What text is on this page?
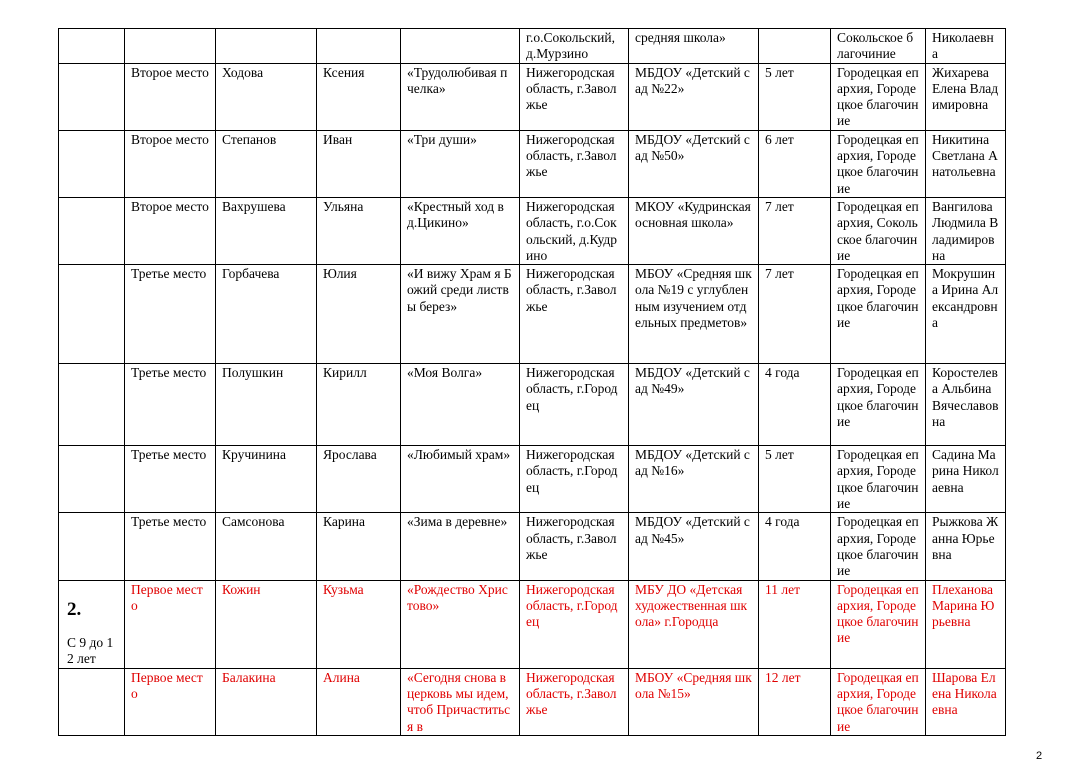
					г.о.Сокольский, д.Мурзино	средняя школа»		Сокольское благочиние	Николаевна
	Второе место	Ходова	Ксения	«Трудолюбивая пчелка»	Нижегородская область, г.Заволжье	МБДОУ «Детский сад №22»	5 лет	Городецкая епархия, Городецкое благочиние	Жихарева Елена Владимировна
	Второе место	Степанов	Иван	«Три души»	Нижегородская область, г.Заволжье	МБДОУ «Детский сад №50»	6 лет	Городецкая епархия, Городецкое благочиние	Никитина Светлана Анатольевна
	Второе место	Вахрушева	Ульяна	«Крестный ход в д.Цикино»	Нижегородская область, г.о.Сокольский, д.Кудрино	МКОУ «Кудринская основная школа»	7 лет	Городецкая епархия, Сокольское благочиние	Вангилова Людмила Владимировна
	Третье место	Горбачева	Юлия	«И вижу Храм я Божий среди листвы берез»	Нижегородская область, г.Заволжье	МБОУ «Средняя школа №19 с углубленным изучением отдельных предметов»	7 лет	Городецкая епархия, Городецкое благочиние	Мокрушина Ирина Александровна
	Третье место	Полушкин	Кирилл	«Моя Волга»	Нижегородская область, г.Городец	МБДОУ «Детский сад №49»	4 года	Городецкая епархия, Городецкое благочиние	Коростелева Альбина Вячеславовна
	Третье место	Кручинина	Ярослава	«Любимый храм»	Нижегородская область, г.Городец	МБДОУ «Детский сад №16»	5 лет	Городецкая епархия, Городецкое благочиние	Садина Марина Николаевна
	Третье место	Самсонова	Карина	«Зима в деревне»	Нижегородская область, г.Заволжье	МБДОУ «Детский сад №45»	4 года	Городецкая епархия, Городецкое благочиние	Рыжкова Жанна Юрьевна

2.

С 9 до 12 лет	Первое место	Кожин	Кузьма	«Рождество Христово»	Нижегородская область, г.Городец	МБУ ДО «Детская художественная школа» г.Городца	11 лет	Городецкая епархия, Городецкое благочиние	Плеханова Марина Юрьевна
	Первое место	Балакина	Алина	«Сегодня снова в церковь мы идем, чтоб Причаститься в	Нижегородская область, г.Заволжье	МБОУ «Средняя школа №15»	12 лет	Городецкая епархия, Городецкое благочиние	Шарова Елена Николаевна
2
